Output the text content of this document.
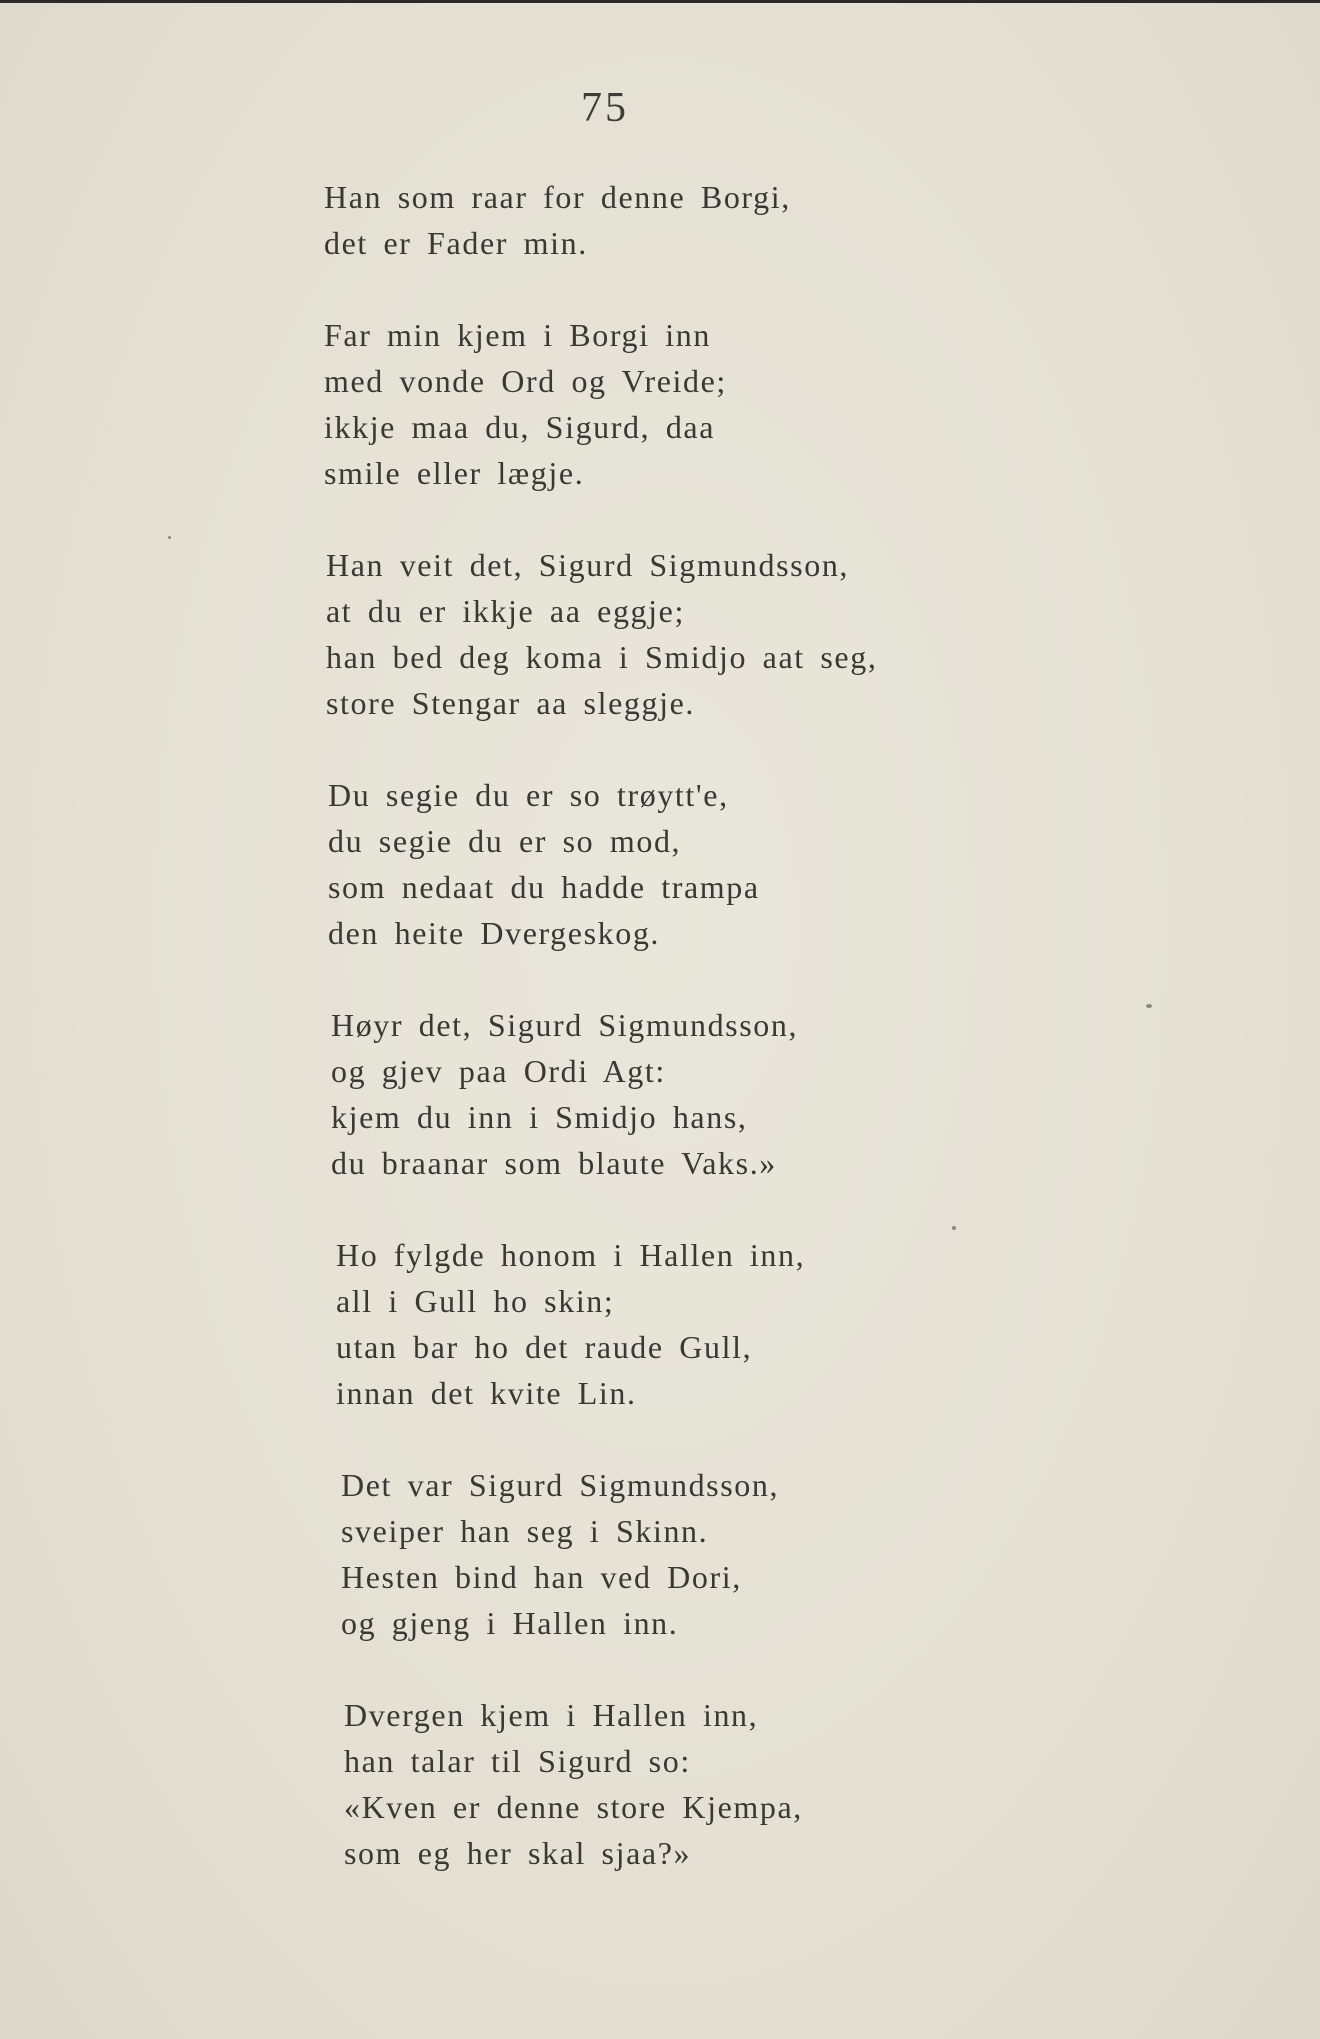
75
Han som raar for denne Borgi,
det er Fader min.
Far min kjem i Borgi inn
med vonde Ord og Vreide;
ikkje maa du, Sigurd, daa
smile eller lægje.
Han veit det, Sigurd Sigmundsson,
at du er ikkje aa eggje;
han bed deg koma i Smidjo aat seg,
store Stengar aa sleggje.
Du segie du er so trøytt'e,
du segie du er so mod,
som nedaat du hadde trampa
den heite Dvergeskog.
Høyr det, Sigurd Sigmundsson,
og gjev paa Ordi Agt:
kjem du inn i Smidjo hans,
du braanar som blaute Vaks.»
Ho fylgde honom i Hallen inn,
all i Gull ho skin;
utan bar ho det raude Gull,
innan det kvite Lin.
Det var Sigurd Sigmundsson,
sveiper han seg i Skinn.
Hesten bind han ved Dori,
og gjeng i Hallen inn.
Dvergen kjem i Hallen inn,
han talar til Sigurd so:
«Kven er denne store Kjempa,
som eg her skal sjaa?»
